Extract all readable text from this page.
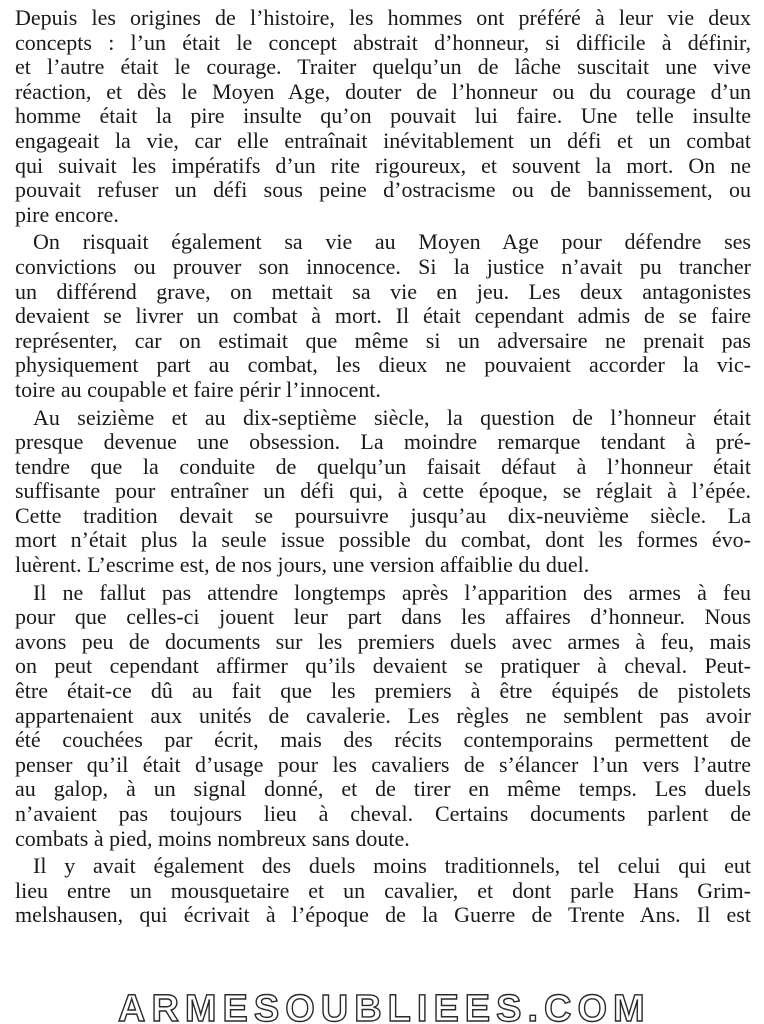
Depuis les origines de l’histoire, les hommes ont préféré à leur vie deux
concepts : l’un était le concept abstrait d’honneur, si difficile à définir,
et l’autre était le courage. Traiter quelqu’un de lâche suscitait une vive
réaction, et dès le Moyen Age, douter de l’honneur ou du courage d’un
homme était la pire insulte qu’on pouvait lui faire. Une telle insulte
engageait la vie, car elle entraînait inévitablement un défi et un combat
qui suivait les impératifs d’un rite rigoureux, et souvent la mort. On ne
pouvait refuser un défi sous peine d’ostracisme ou de bannissement, ou
pire encore.
On risquait également sa vie au Moyen Age pour défendre ses
convictions ou prouver son innocence. Si la justice n’avait pu trancher
un différend grave, on mettait sa vie en jeu. Les deux antagonistes
devaient se livrer un combat à mort. Il était cependant admis de se faire
représenter, car on estimait que même si un adversaire ne prenait pas
physiquement part au combat, les dieux ne pouvaient accorder la vic-
toire au coupable et faire périr l’innocent.
Au seizième et au dix-septième siècle, la question de l’honneur était
presque devenue une obsession. La moindre remarque tendant à pré-
tendre que la conduite de quelqu’un faisait défaut à l’honneur était
suffisante pour entraîner un défi qui, à cette époque, se réglait à l’épée.
Cette tradition devait se poursuivre jusqu’au dix-neuvième siècle. La
mort n’était plus la seule issue possible du combat, dont les formes évo-
luèrent. L’escrime est, de nos jours, une version affaiblie du duel.
Il ne fallut pas attendre longtemps après l’apparition des armes à feu
pour que celles-ci jouent leur part dans les affaires d’honneur. Nous
avons peu de documents sur les premiers duels avec armes à feu, mais
on peut cependant affirmer qu’ils devaient se pratiquer à cheval. Peut-
être était-ce dû au fait que les premiers à être équipés de pistolets
appartenaient aux unités de cavalerie. Les règles ne semblent pas avoir
été couchées par écrit, mais des récits contemporains permettent de
penser qu’il était d’usage pour les cavaliers de s’élancer l’un vers l’autre
au galop, à un signal donné, et de tirer en même temps. Les duels
n’avaient pas toujours lieu à cheval. Certains documents parlent de
combats à pied, moins nombreux sans doute.
Il y avait également des duels moins traditionnels, tel celui qui eut
lieu entre un mousquetaire et un cavalier, et dont parle Hans Grim-
melshausen, qui écrivait à l’époque de la Guerre de Trente Ans. Il est
ARMESOUBLIEES.COM
